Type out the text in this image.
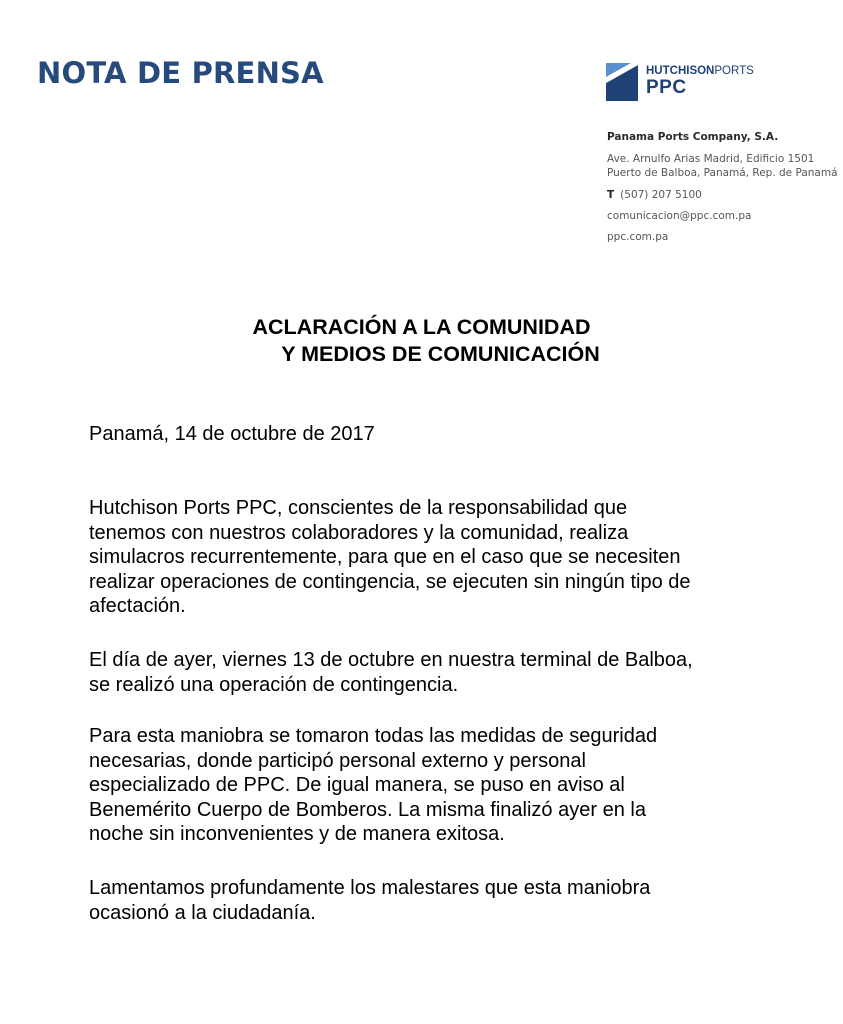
NOTA DE PRENSA	HUTCHISONPORTS
PPC
Panama Ports Company, S.A.
Ave. Arnulfo Arias Madrid, Edificio 1501
Puerto de Balboa, Panamá, Rep. de Panamá
T (507) 207 5100
comunicacion@ppc.com.pa
ppc.com.pa
ACLARACIÓN A LA COMUNIDAD
Y MEDIOS DE COMUNICACIÓN
Panamá, 14 de octubre de 2017
Hutchison Ports PPC, conscientes de la responsabilidad que
tenemos con nuestros colaboradores y la comunidad, realiza
simulacros recurrentemente, para que en el caso que se necesiten
realizar operaciones de contingencia, se ejecuten sin ningún tipo de
afectación.
El día de ayer, viernes 13 de octubre en nuestra terminal de Balboa,
se realizó una operación de contingencia.
Para esta maniobra se tomaron todas las medidas de seguridad
necesarias, donde participó personal externo y personal
especializado de PPC. De igual manera, se puso en aviso al
Benemérito Cuerpo de Bomberos. La misma finalizó ayer en la
noche sin inconvenientes y de manera exitosa.
Lamentamos profundamente los malestares que esta maniobra
ocasionó a la ciudadanía.
